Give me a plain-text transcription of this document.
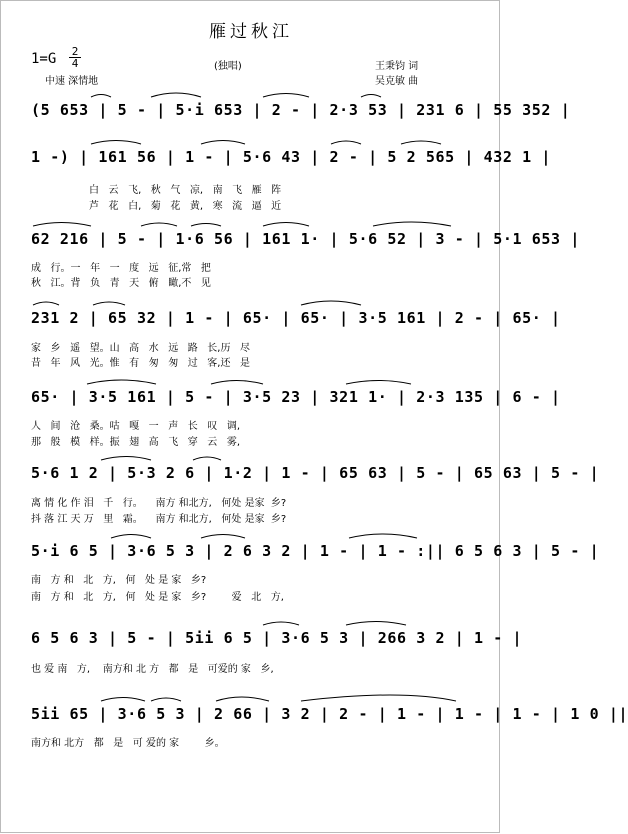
雁过秋江
1=G 2
4
中速 深情地
(独唱)	王秉钧 词
吴克敏 曲
(5 653 | 5 - | 5·i 653 | 2 - | 2·3 53 | 231 6 | 55 352 |
1 -) | 161 56 | 1 - | 5·6 43 | 2 - | 5 2 565 | 432 1 |
白   云   飞,   秋   气   凉,   南   飞   雁   阵
芦   花   白,   菊   花   黄,   寒   流   逼   近
62 216 | 5 - | 1·6 56 | 161 1· | 5·6 52 | 3 - | 5·1 653 |
成   行。一   年   一   度   远   征,常   把
秋   江。背   负   青   天   俯   瞰,不   见
231 2 | 65 32 | 1 - | 65· | 65· | 3·5 161 | 2 - | 65· |
家   乡   遥   望。山   高   水   远   路   长,历   尽
昔   年   风   光。惟   有   匆   匆   过   客,还   是
65· | 3·5 161 | 5 - | 3·5 23 | 321 1· | 2·3 135 | 6 - |
人   间   沧   桑。咕   嘎   一   声   长   叹   调,
那   般   模   样。振   翅   高   飞   穿   云   雾,
5·6 1 2 | 5·3 2 6 | 1·2 | 1 - | 65 63 | 5 - | 65 63 | 5 - |
离 情 化 作 泪   千   行。    南方 和北方,   何处 是家  乡?
抖 落 江 天 万   里   霜。    南方 和北方,   何处 是家  乡?
5·i 6 5 | 3·6 5 3 | 2 6 3 2 | 1 - | 1 - :|| 6 5 6 3 | 5 - |
南   方 和   北   方,   何   处 是 家   乡?
南   方 和   北   方,   何   处 是 家   乡?        爱   北   方,
6 5 6 3 | 5 - | 5ii 6 5 | 3·6 5 3 | 266 3 2 | 1 - |
也 爱 南   方,    南方和 北 方   都   是   可爱的 家   乡,
5ii 65 | 3·6 5 3 | 2 66 | 3 2 | 2 - | 1 - | 1 - | 1 - | 1 0 ||
南方和 北方   都   是   可 爱的 家        乡。
